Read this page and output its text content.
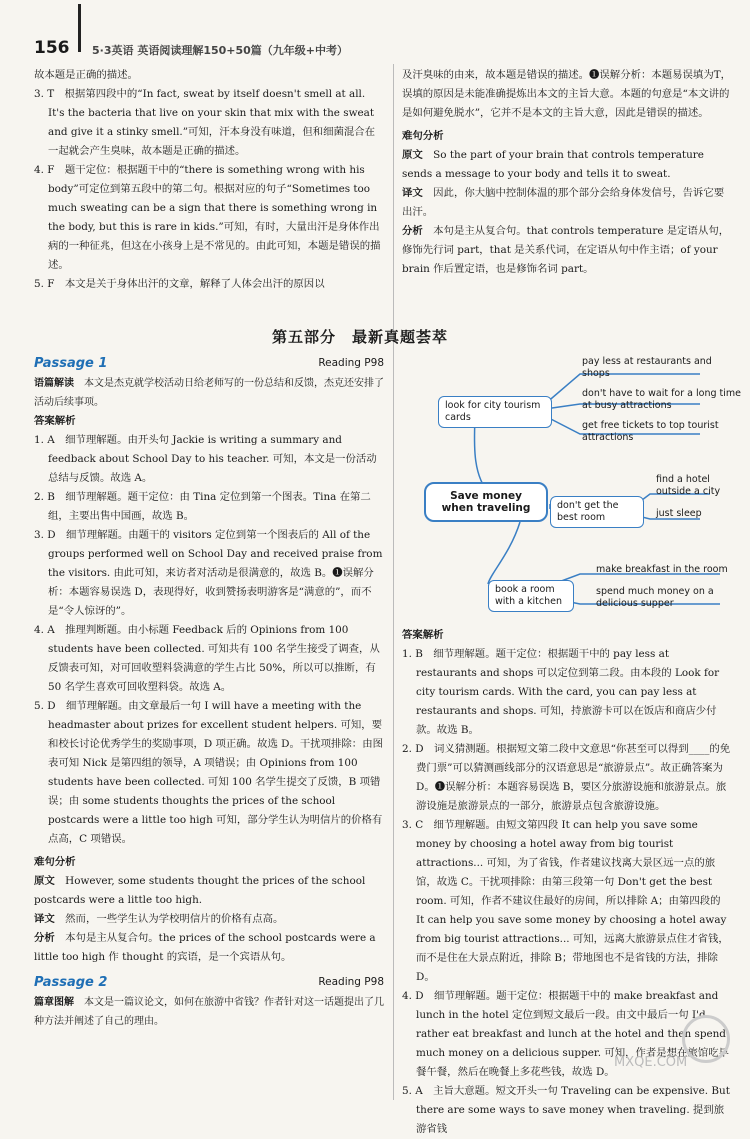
156 5·3英语 英语阅读理解150+50篇（九年级+中考）

故本题是正确的描述。

3. T　根据第四段中的“In fact, sweat by itself doesn't smell at all. It's the bacteria that live on your skin that mix with the sweat and give it a stinky smell.”可知，汗本身没有味道，但和细菌混合在一起就会产生臭味，故本题是正确的描述。

4. F　题干定位：根据题干中的“there is something wrong with his body”可定位到第五段中的第二句。根据对应的句子“Sometimes too much sweating can be a sign that there is something wrong in the body, but this is rare in kids.”可知，有时，大量出汗是身体作出病的一种征兆，但这在小孩身上是不常见的。由此可知，本题是错误的描述。

5. F　本文是关于身体出汗的文章，解释了人体会出汗的原因以

及汗臭味的由来，故本题是错误的描述。❶误解分析：本题易误填为T，误填的原因是未能准确提炼出本文的主旨大意。本题的句意是“本文讲的是如何避免脱水”，它并不是本文的主旨大意，因此是错误的描述。

难句分析

原文　 So the part of your brain that controls temperature sends a message to your body and tells it to sweat.

译文　 因此，你大脑中控制体温的那个部分会给身体发信号，告诉它要出汗。

分析　 本句是主从复合句。that controls temperature 是定语从句，修饰先行词 part，that 是关系代词，在定语从句中作主语；of your brain 作后置定语，也是修饰名词 part。

第五部分　最新真题荟萃

Passage 1	Reading P98

语篇解读　 本文是杰克就学校活动日给老师写的一份总结和反馈，杰克还安排了活动后续事项。

答案解析

1. A　细节理解题。由开头句 Jackie is writing a summary and feedback about School Day to his teacher. 可知，本文是一份活动总结与反馈。故选 A。

2. B　细节理解题。题干定位：由 Tina 定位到第一个图表。Tina 在第二组，主要出售中国画，故选 B。

3. D　细节理解题。由题干的 visitors 定位到第一个图表后的 All of the groups performed well on School Day and received praise from the visitors. 由此可知，来访者对活动是很满意的，故选 B。❶误解分析：本题容易误选 D，表现得好，收到赞扬表明游客是“满意的”，而不是“令人惊讶的”。

4. A　推理判断题。由小标题 Feedback 后的 Opinions from 100 students have been collected. 可知共有 100 名学生接受了调查，从反馈表可知，对可回收塑料袋满意的学生占比 50%，所以可以推断，有 50 名学生喜欢可回收塑料袋。故选 A。

5. D　细节理解题。由文章最后一句 I will have a meeting with the headmaster about prizes for excellent student helpers. 可知，要和校长讨论优秀学生的奖励事项，D 项正确。故选 D。干扰项排除：由图表可知 Nick 是第四组的领导，A 项错误；由 Opinions from 100 students have been collected. 可知 100 名学生提交了反馈，B 项错误；由 some students thoughts the prices of the school postcards were a little too high 可知，部分学生认为明信片的价格有点高，C 项错误。

难句分析

原文　 However, some students thought the prices of the school postcards were a little too high.

译文　 然而，一些学生认为学校明信片的价格有点高。

分析　 本句是主从复合句。the prices of the school postcards were a little too high 作 thought 的宾语，是一个宾语从句。

Passage 2	Reading P98

篇章图解　 本文是一篇议论文，如何在旅游中省钱？作者针对这一话题提出了几种方法并阐述了自己的理由。

look for city tourism cards
pay less at restaurants and shops
don't have to wait for a long time at busy attractions
get free tickets to top tourist attractions
Save money when traveling	don't get the best room
find a hotel outside a city
just sleep
book a room with a kitchen
make breakfast in the room
spend much money on a delicious supper

答案解析

1. B　细节理解题。题干定位：根据题干中的 pay less at restaurants and shops 可以定位到第二段。由本段的 Look for city tourism cards. With the card, you can pay less at restaurants and shops. 可知，持旅游卡可以在饭店和商店少付款。故选 B。

2. D　词义猜测题。根据短文第二段中文意思“你甚至可以得到____的免费门票”可以猜测画线部分的汉语意思是“旅游景点”。故正确答案为 D。❶误解分析：本题容易误选 B，要区分旅游设施和旅游景点。旅游设施是旅游景点的一部分，旅游景点包含旅游设施。

3. C　细节理解题。由短文第四段 It can help you save some money by choosing a hotel away from big tourist attractions... 可知，为了省钱，作者建议找离大景区远一点的旅馆，故选 C。干扰项排除：由第三段第一句 Don't get the best room. 可知，作者不建议住最好的房间，所以排除 A；由第四段的 It can help you save some money by choosing a hotel away from big tourist attractions... 可知，远离大旅游景点住才省钱，而不是住在大景点附近，排除 B；带地图也不是省钱的方法，排除 D。

4. D　细节理解题。题干定位：根据题干中的 make breakfast and lunch in the hotel 定位到短文最后一段。由文中最后一句 I'd rather eat breakfast and lunch at the hotel and then spend much money on a delicious supper. 可知，作者是想在旅馆吃早餐午餐，然后在晚餐上多花些钱，故选 D。

5. A　主旨大意题。短文开头一句 Traveling can be expensive. But there are some ways to save money when traveling. 提到旅游省钱

MXQE.COM
